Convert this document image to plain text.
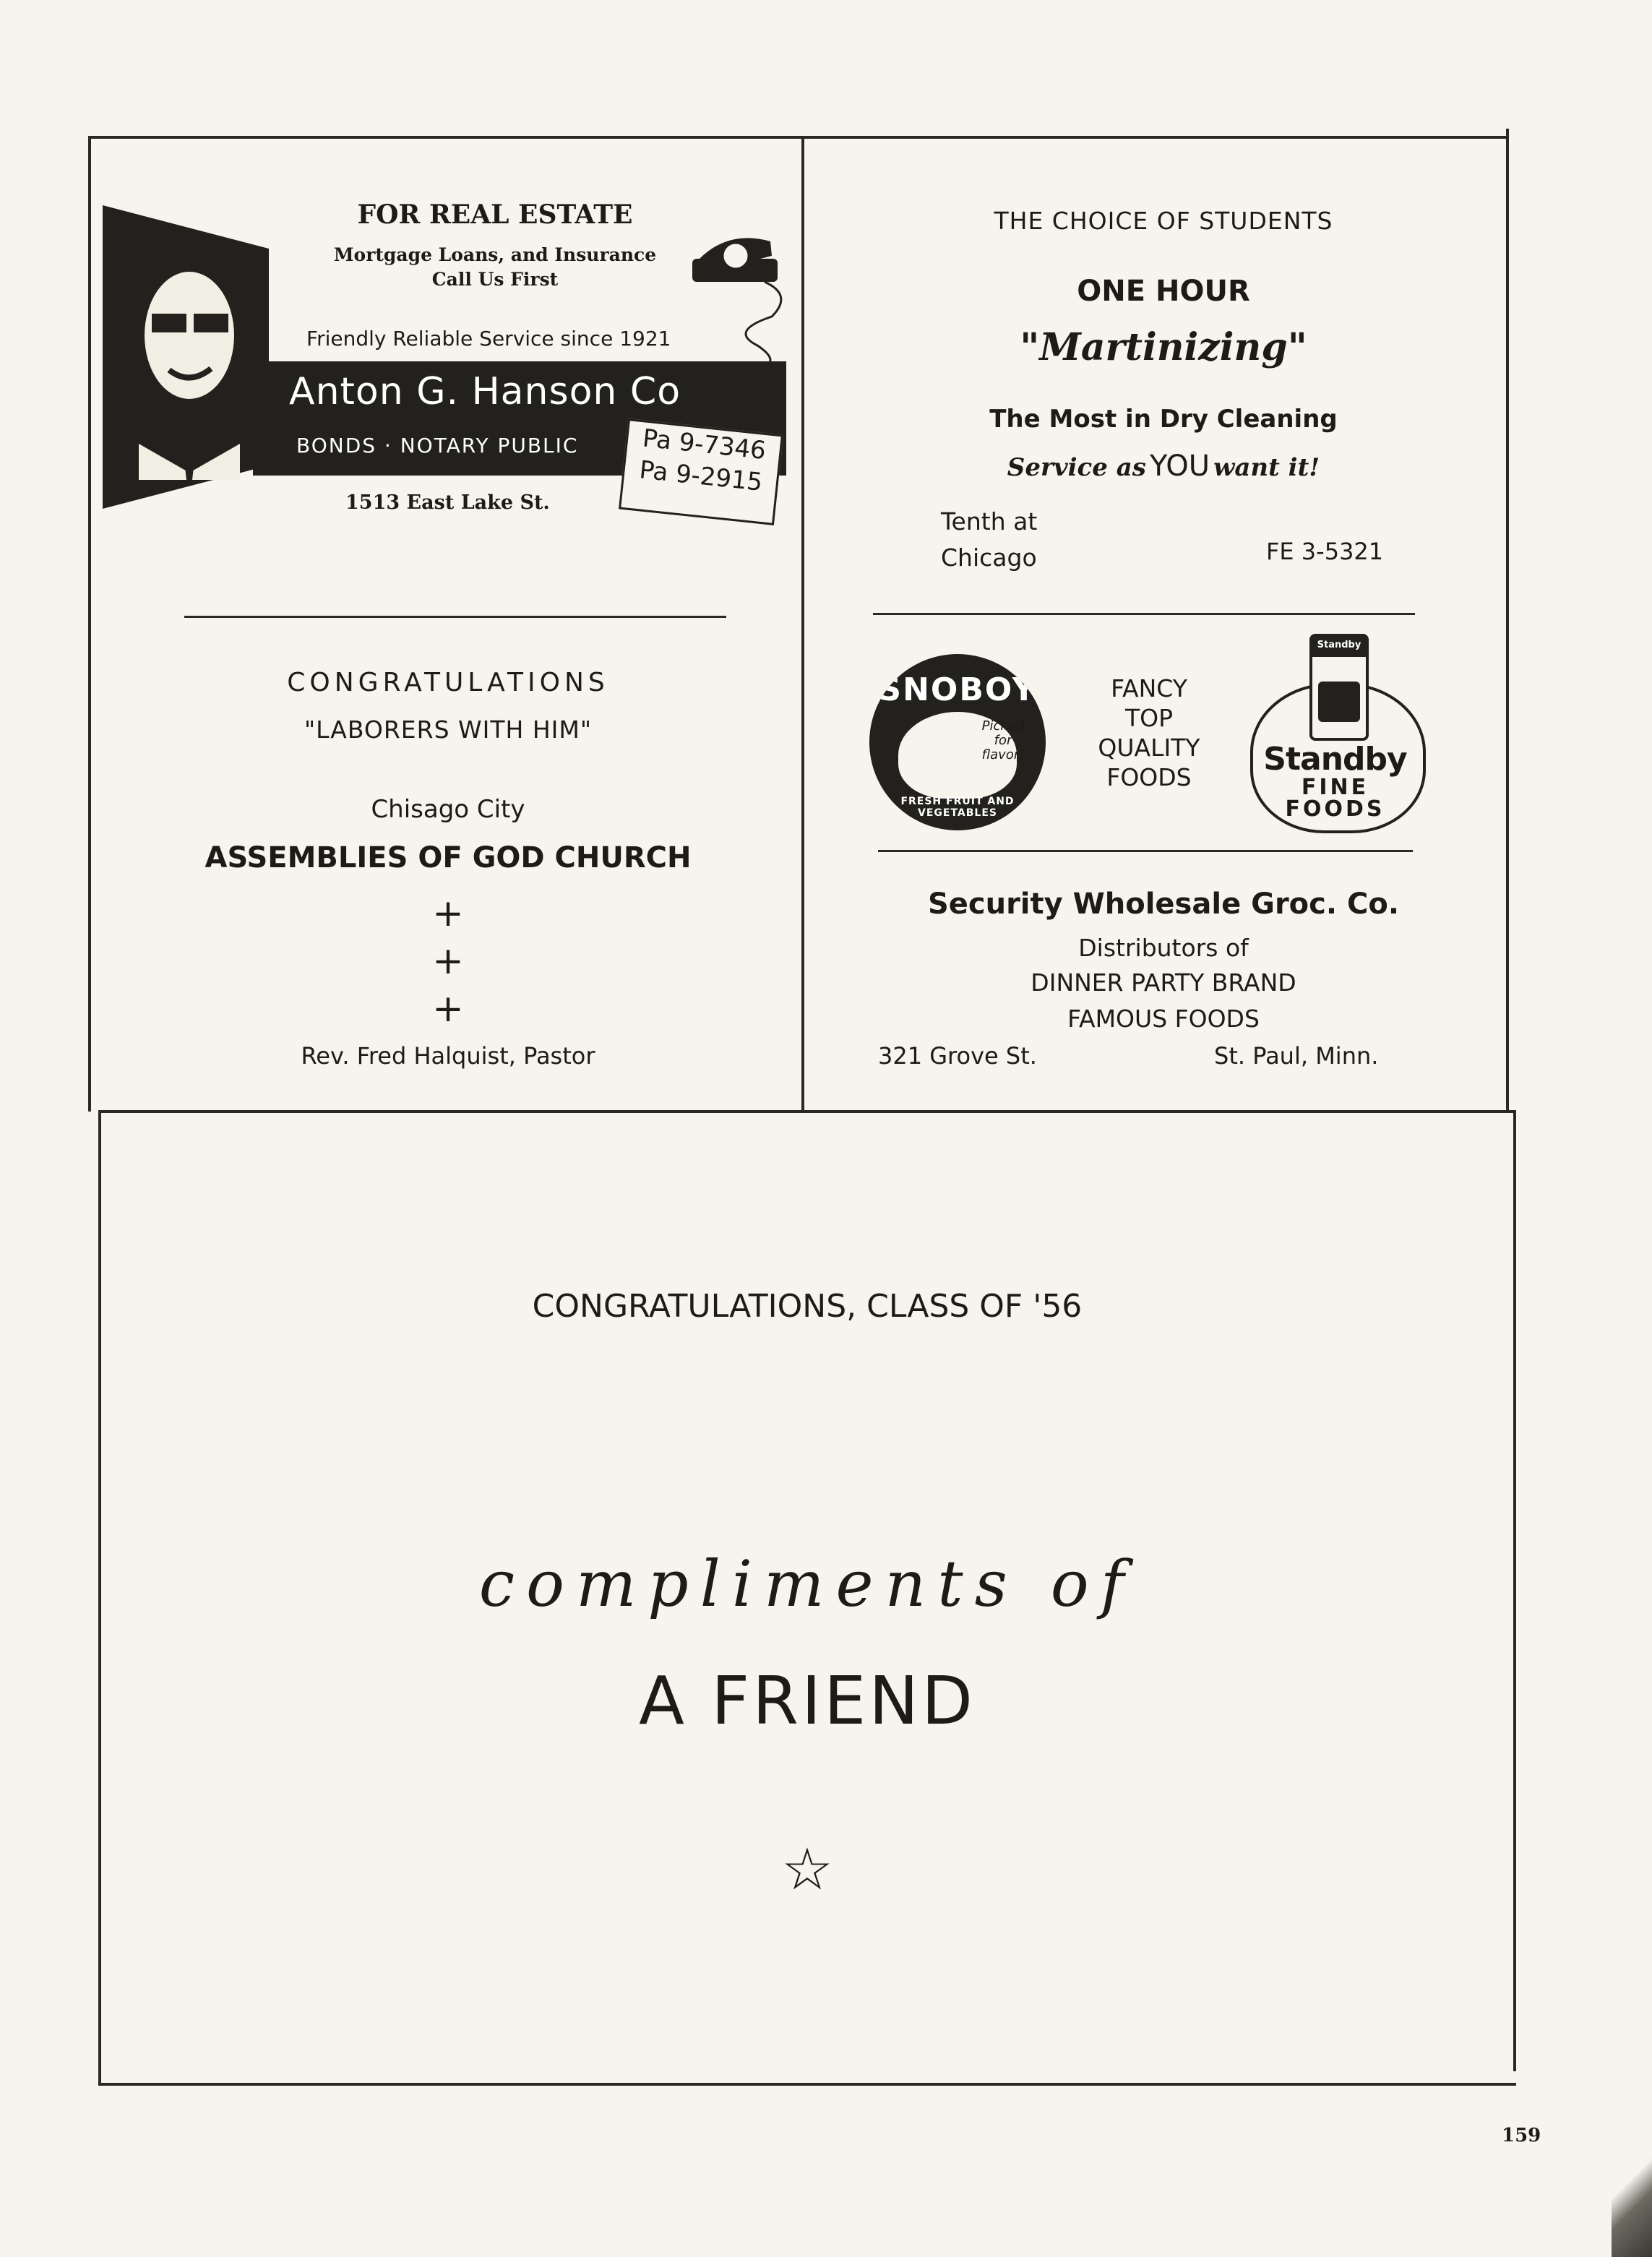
FOR REAL ESTATE
Mortgage Loans, and Insurance
Call Us First
Friendly Reliable Service since 1921
Anton G. Hanson Co
BONDS · NOTARY PUBLIC
1513 East Lake St.
Pa 9-7346
Pa 9-2915
THE CHOICE OF STUDENTS
ONE HOUR
"Martinizing"
The Most in Dry Cleaning
Service as YOU want it!
Tenth at
Chicago	FE 3-5321
CONGRATULATIONS
"LABORERS WITH HIM"
Chisago City
ASSEMBLIES OF GOD CHURCH
+
+
+
Rev. Fred Halquist, Pastor
SNOBOY
Picked for flavor!
FRESH FRUIT AND VEGETABLES
FANCY
TOP
QUALITY
FOODS
Standby
Standby
FINE
FOODS
Security Wholesale Groc. Co.
Distributors of
DINNER PARTY BRAND
FAMOUS FOODS
321 Grove St.	St. Paul, Minn.
CONGRATULATIONS, CLASS OF '56
compliments of
A FRIEND
☆
159
